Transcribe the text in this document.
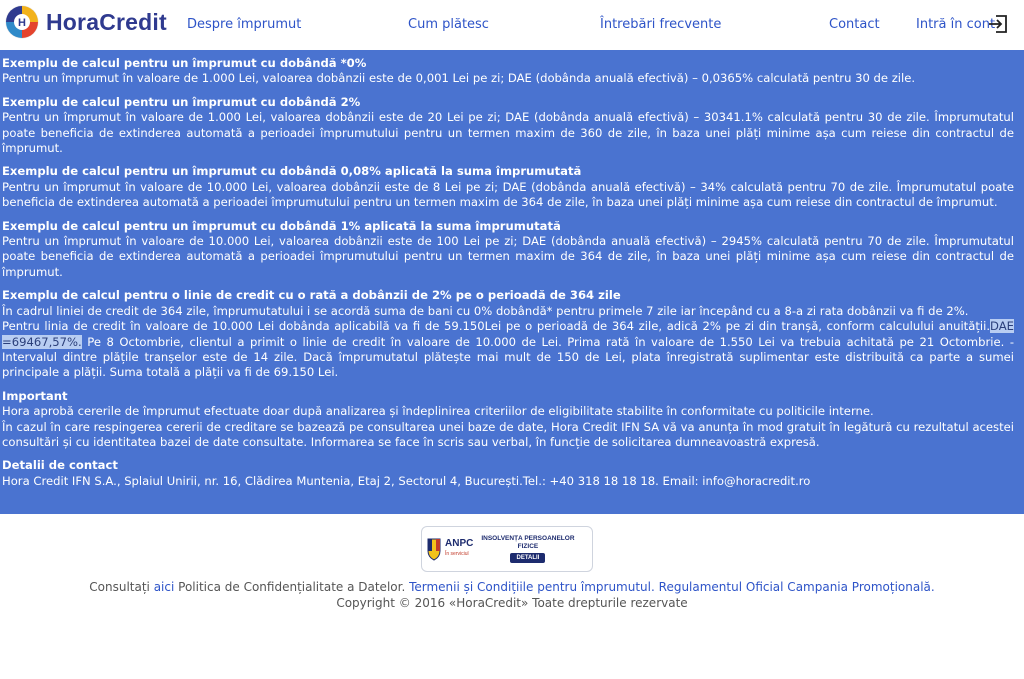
H HoraCredit Despre împrumut	Cum plătesc	Întrebări frecvente	Contact	Intră în cont
Exemplu de calcul pentru un împrumut cu dobândă *0%

Pentru un împrumut în valoare de 1.000 Lei, valoarea dobânzii este de 0,001 Lei pe zi; DAE (dobânda anuală efectivă) – 0,0365% calculată pentru 30 de zile.

Exemplu de calcul pentru un împrumut cu dobândă 2%

Pentru un împrumut în valoare de 1.000 Lei, valoarea dobânzii este de 20 Lei pe zi; DAE (dobânda anuală efectivă) – 30341.1% calculată pentru 30 de zile. Împrumutatul poate beneficia de extinderea automată a perioadei împrumutului pentru un termen maxim de 360 de zile, în baza unei plăți minime așa cum reiese din contractul de împrumut.

Exemplu de calcul pentru un împrumut cu dobândă 0,08% aplicată la suma împrumutată

Pentru un împrumut în valoare de 10.000 Lei, valoarea dobânzii este de 8 Lei pe zi; DAE (dobânda anuală efectivă) – 34% calculată pentru 70 de zile. Împrumutatul poate beneficia de extinderea automată a perioadei împrumutului pentru un termen maxim de 364 de zile, în baza unei plăți minime așa cum reiese din contractul de împrumut.

Exemplu de calcul pentru un împrumut cu dobândă 1% aplicată la suma împrumutată

Pentru un împrumut în valoare de 10.000 Lei, valoarea dobânzii este de 100 Lei pe zi; DAE (dobânda anuală efectivă) – 2945% calculată pentru 70 de zile. Împrumutatul poate beneficia de extinderea automată a perioadei împrumutului pentru un termen maxim de 364 de zile, în baza unei plăți minime așa cum reiese din contractul de împrumut.

Exemplu de calcul pentru o linie de credit cu o rată a dobânzii de 2% pe o perioadă de 364 zile

În cadrul liniei de credit de 364 zile, împrumutatului i se acordă suma de bani cu 0% dobândă* pentru primele 7 zile iar începând cu a 8-a zi rata dobânzii va fi de 2%.

Pentru linia de credit în valoare de 10.000 Lei dobânda aplicabilă va fi de 59.150Lei pe o perioadă de 364 zile, adică 2% pe zi din tranșă, conform calculului anuității.DAE =69467,57%. Pe 8 Octombrie, clientul a primit o linie de credit în valoare de 10.000 de Lei. Prima rată în valoare de 1.550 Lei va trebuia achitată pe 21 Octombrie. - Intervalul dintre plățile tranșelor este de 14 zile. Dacă împrumutatul plătește mai mult de 150 de Lei, plata înregistrată suplimentar este distribuită ca parte a sumei principale a plății. Suma totală a plății va fi de 69.150 Lei.

Important

Hora aprobă cererile de împrumut efectuate doar după analizarea și îndeplinirea criteriilor de eligibilitate stabilite în conformitate cu politicile interne.

În cazul în care respingerea cererii de creditare se bazează pe consultarea unei baze de date, Hora Credit IFN SA vă va anunța în mod gratuit în legătură cu rezultatul acestei consultări și cu identitatea bazei de date consultate. Informarea se face în scris sau verbal, în funcție de solicitarea dumneavoastră expresă.

Detalii de contact

Hora Credit IFN S.A., Splaiul Unirii, nr. 16, Clădirea Muntenia, Etaj 2, Sectorul 4, București.Tel.: +40 318 18 18 18. Email: info@horacredit.ro

ANPC
În serviciul
INSOLVENȚA PERSOANELOR
FIZICE
DETALII
Consultați aici Politica de Confidențialitate a Datelor. Termenii și Condițiile pentru împrumutul. Regulamentul Oficial Campania Promoțională.
Copyright © 2016 «HoraCredit» Toate drepturile rezervate
